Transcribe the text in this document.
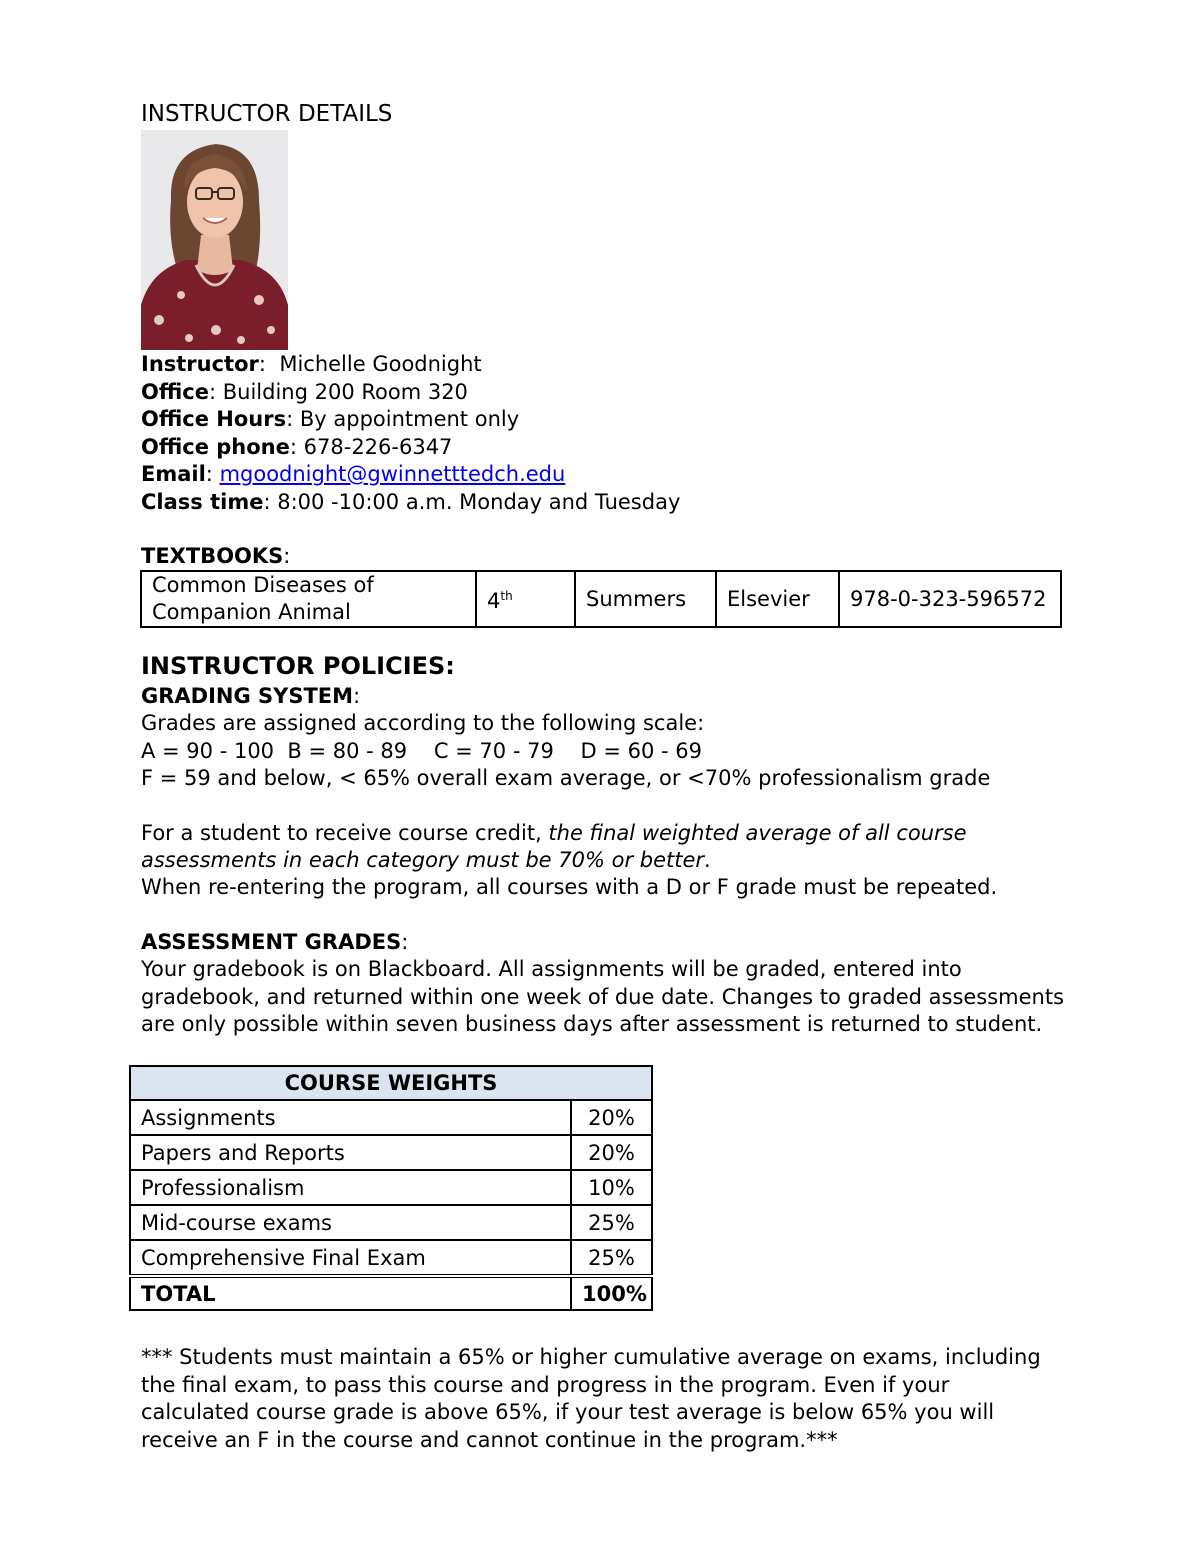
INSTRUCTOR DETAILS
Instructor:  Michelle Goodnight
Office: Building 200 Room 320
Office Hours: By appointment only
Office phone: 678-226-6347
Email: mgoodnight@gwinnetttedch.edu
Class time: 8:00 -10:00 a.m. Monday and Tuesday
TEXTBOOKS:
Common Diseases of Companion Animal	4th	Summers	Elsevier	978-0-323-596572
INSTRUCTOR POLICIES:
GRADING SYSTEM:
Grades are assigned according to the following scale:
A = 90 - 100  B = 80 - 89    C = 70 - 79    D = 60 - 69
F = 59 and below, < 65% overall exam average, or <70% professionalism grade
For a student to receive course credit, the final weighted average of all course
assessments in each category must be 70% or better.
When re-entering the program, all courses with a D or F grade must be repeated.
ASSESSMENT GRADES:
Your gradebook is on Blackboard. All assignments will be graded, entered into
gradebook, and returned within one week of due date. Changes to graded assessments
are only possible within seven business days after assessment is returned to student.
COURSE WEIGHTS	
Assignments	20%
Papers and Reports	20%
Professionalism	10%
Mid-course exams	25%
Comprehensive Final Exam	25%
TOTAL	100%
*** Students must maintain a 65% or higher cumulative average on exams, including
the final exam, to pass this course and progress in the program. Even if your
calculated course grade is above 65%, if your test average is below 65% you will
receive an F in the course and cannot continue in the program.***
